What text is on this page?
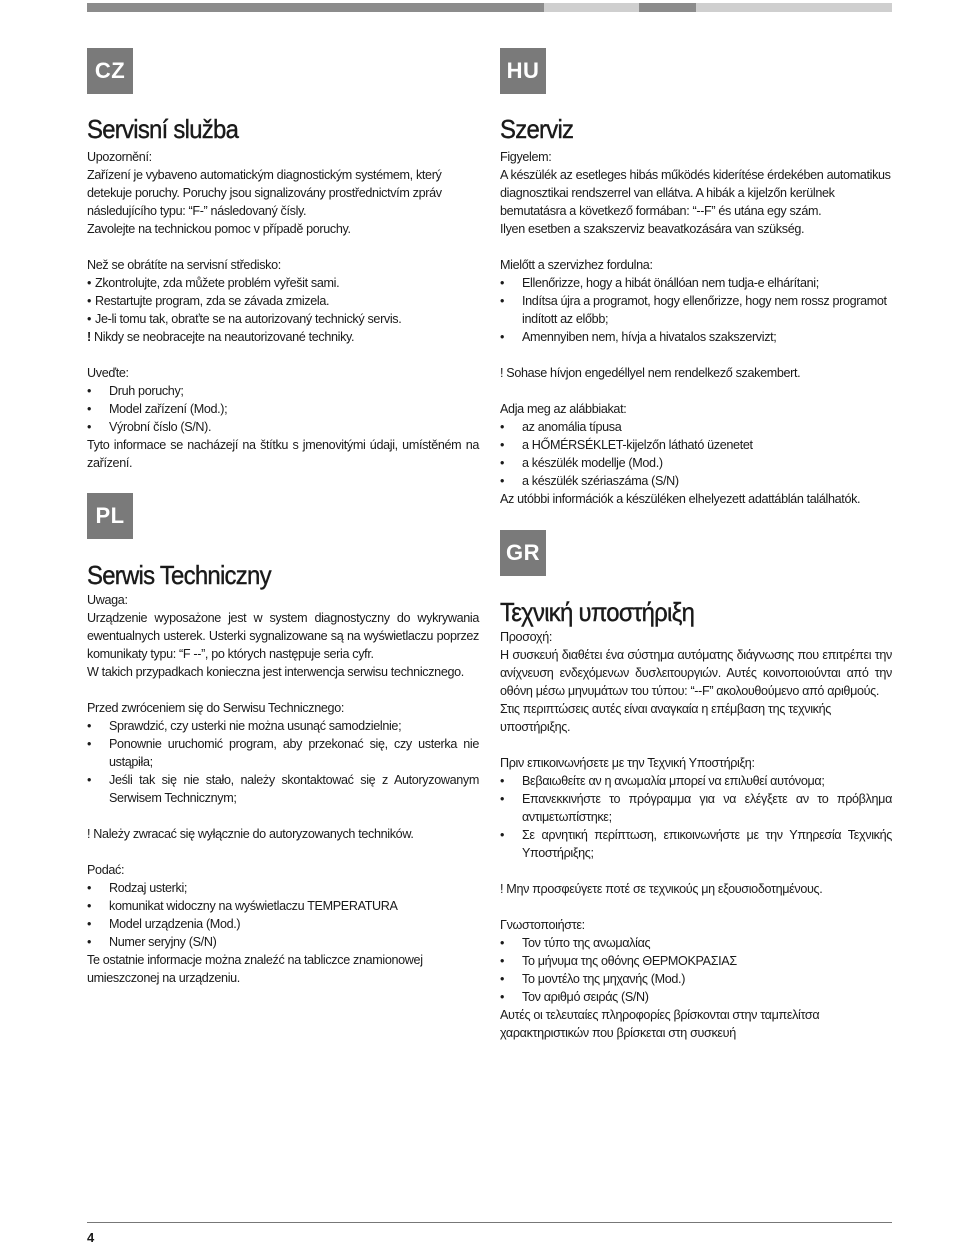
CZ
Servisní služba

Upozornění:

Zařízení je vybaveno automatickým diagnostickým systémem, který detekuje poruchy. Poruchy jsou signalizovány prostřednictvím zpráv následujícího typu: “F-” následovaný čísly.

Zavolejte na technickou pomoc v případě poruchy.

Než se obrátíte na servisní středisko:

• Zkontrolujte, zda můžete problém vyřešit sami.
• Restartujte program, zda se závada zmizela.
• Je-li tomu tak, obraťte se na autorizovaný technický servis.

! Nikdy se neobracejte na neautorizované techniky.

Uveďte:

• Druh poruchy;
• Model zařízení (Mod.);
• Výrobní číslo (S/N).

Tyto informace se nacházejí na štítku s jmenovitými údaji, umístěném na zařízení.

PL
Serwis Techniczny

Uwaga:

Urządzenie wyposażone jest w system diagnostyczny do wykrywania ewentualnych usterek. Usterki sygnalizowane są na wyświetlaczu poprzez komunikaty typu: “F --”, po których następuje seria cyfr.

W takich przypadkach konieczna jest interwencja serwisu technicznego.

Przed zwróceniem się do Serwisu Technicznego:

• Sprawdzić, czy usterki nie można usunąć samodzielnie;
• Ponownie uruchomić program, aby przekonać się, czy usterka nie ustąpiła;
• Jeśli tak się nie stało, należy skontaktować się z Autoryzowanym Serwisem Technicznym;

! Należy zwracać się wyłącznie do autoryzowanych techników.

Podać:

• Rodzaj usterki;
• komunikat widoczny na wyświetlaczu TEMPERATURA
• Model urządzenia (Mod.)
• Numer seryjny (S/N)

Te ostatnie informacje można znaleźć na tabliczce znamionowej umieszczonej na urządzeniu.

HU
Szerviz

Figyelem:

A készülék az esetleges hibás működés kiderítése érdekében automatikus diagnosztikai rendszerrel van ellátva. A hibák a kijelzőn kerülnek bemutatásra a következő formában: “--F” és utána egy szám.

Ilyen esetben a szakszerviz beavatkozására van szükség.

Mielőtt a szervizhez fordulna:

• Ellenőrizze, hogy a hibát önállóan nem tudja-e elhárítani;
• Indítsa újra a programot, hogy ellenőrizze, hogy nem rossz programot indított az előbb;
• Amennyiben nem, hívja a hivatalos szakszervizt;

! Sohase hívjon engedéllyel nem rendelkező szakembert.

Adja meg az alábbiakat:

• az anomália típusa
• a HŐMÉRSÉKLET-kijelzőn látható üzenetet
• a készülék modellje (Mod.)
• a készülék szériaszáma (S/N)

Az utóbbi információk a készüléken elhelyezett adattáblán találhatók.

GR
Τεχνική υποστήριξη

Προσοχή:

Η συσκευή διαθέτει ένα σύστημα αυτόματης διάγνωσης που επιτρέπει την ανίχνευση ενδεχόμενων δυσλειτουργιών. Αυτές κοινοποιούνται από την οθόνη μέσω μηνυμάτων του τύπου: “--F” ακολουθούμενο από αριθμούς.

Στις περιπτώσεις αυτές είναι αναγκαία η επέμβαση της τεχνικής υποστήριξης.

Πριν επικοινωνήσετε με την Τεχνική Υποστήριξη:

• Βεβαιωθείτε αν η ανωμαλία μπορεί να επιλυθεί αυτόνομα;
• Επανεκκινήστε το πρόγραμμα για να ελέγξετε αν το πρόβλημα αντιμετωπίστηκε;
• Σε αρνητική περίπτωση, επικοινωνήστε με την Υπηρεσία Τεχνικής Υποστήριξης;

! Μην προσφεύγετε ποτέ σε τεχνικούς μη εξουσιοδοτημένους.

Γνωστοποιήστε:

• Τον τύπο της ανωμαλίας
• Το μήνυμα της οθόνης ΘΕΡΜΟΚΡΑΣΙΑΣ
• Το μοντέλο της μηχανής (Mod.)
• Τον αριθμό σειράς (S/N)

Αυτές οι τελευταίες πληροφορίες βρίσκονται στην ταμπελίτσα χαρακτηριστικών που βρίσκεται στη συσκευή

4
